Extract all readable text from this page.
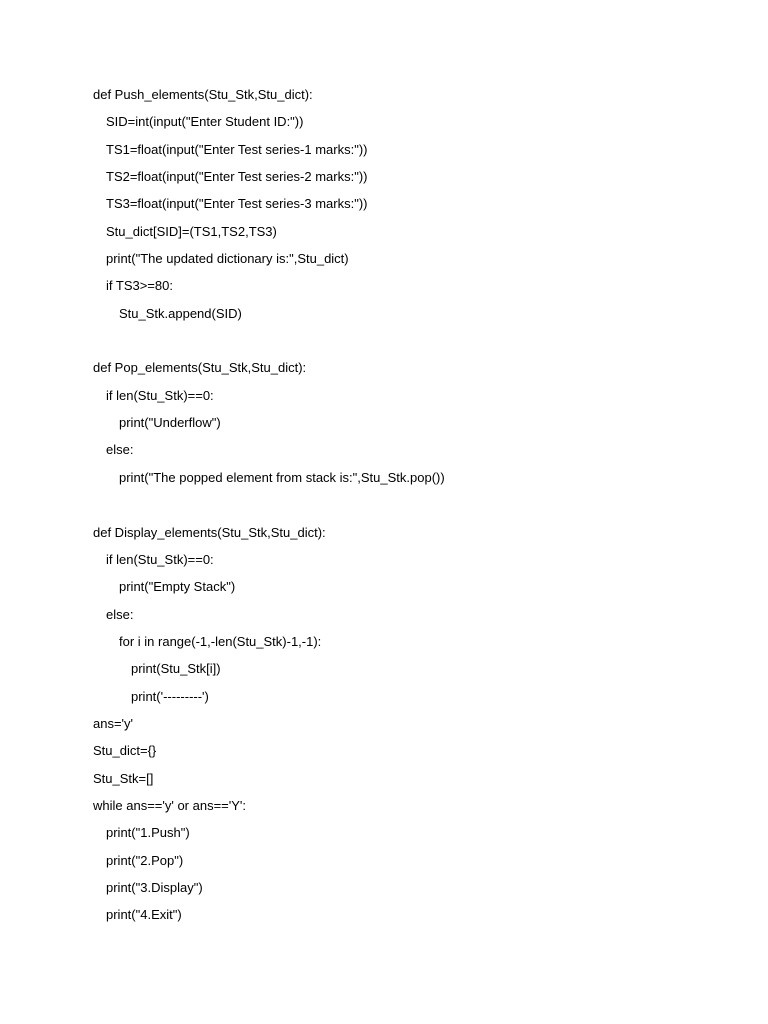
def Push_elements(Stu_Stk,Stu_dict):
SID=int(input("Enter Student ID:"))
TS1=float(input("Enter Test series-1 marks:"))
TS2=float(input("Enter Test series-2 marks:"))
TS3=float(input("Enter Test series-3 marks:"))
Stu_dict[SID]=(TS1,TS2,TS3)
print("The updated dictionary is:",Stu_dict)
if TS3>=80:
Stu_Stk.append(SID)
def Pop_elements(Stu_Stk,Stu_dict):
if len(Stu_Stk)==0:
print("Underflow")
else:
print("The popped element from stack is:",Stu_Stk.pop())
def Display_elements(Stu_Stk,Stu_dict):
if len(Stu_Stk)==0:
print("Empty Stack")
else:
for i in range(-1,-len(Stu_Stk)-1,-1):
print(Stu_Stk[i])
print('---------')
ans='y'
Stu_dict={}
Stu_Stk=[]
while ans=='y' or ans=='Y':
print("1.Push")
print("2.Pop")
print("3.Display")
print("4.Exit")
